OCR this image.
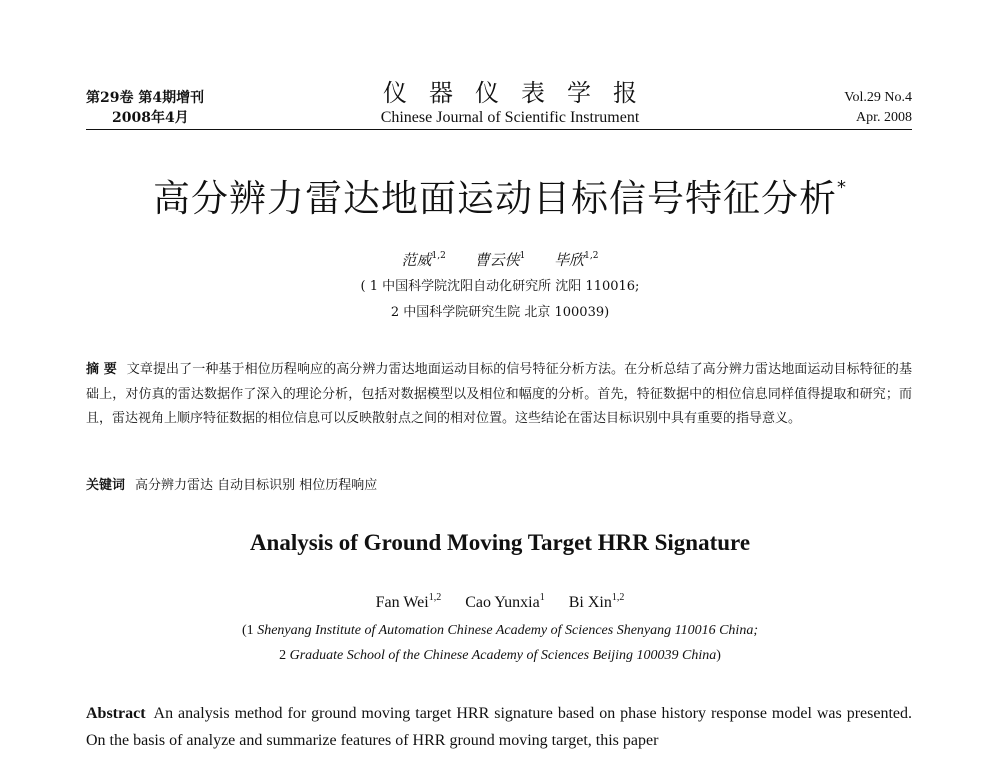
第29卷 第4期增刊
2008年4月
仪器仪表学报
Chinese Journal of Scientific Instrument
Vol.29 No.4
Apr. 2008
高分辨力雷达地面运动目标信号特征分析*
范威$^{1,2}$ 曹云侠$^1$ 毕欣$^{1,2}$
( 1 中国科学院沈阳自动化研究所 沈阳 110016;
2 中国科学院研究生院 北京 100039)
摘 要 文章提出了一种基于相位历程响应的高分辨力雷达地面运动目标的信号特征分析方法。在分析总结了高分辨力雷达地面运动目标特征的基础上，对仿真的雷达数据作了深入的理论分析，包括对数据模型以及相位和幅度的分析。首先，特征数据中的相位信息同样值得提取和研究；而且，雷达视角上顺序特征数据的相位信息可以反映散射点之间的相对位置。这些结论在雷达目标识别中具有重要的指导意义。
关键词 高分辨力雷达 自动目标识别 相位历程响应
Analysis of Ground Moving Target HRR Signature
Fan Wei$^{1,2}$ Cao Yunxia$^1$ Bi Xin$^{1,2}$
(1 Shenyang Institute of Automation Chinese Academy of Sciences Shenyang 110016 China;
2 Graduate School of the Chinese Academy of Sciences Beijing 100039 China)
Abstract An analysis method for ground moving target HRR signature based on phase history response model was presented. On the basis of analyze and summarize features of HRR ground moving target, this paper
